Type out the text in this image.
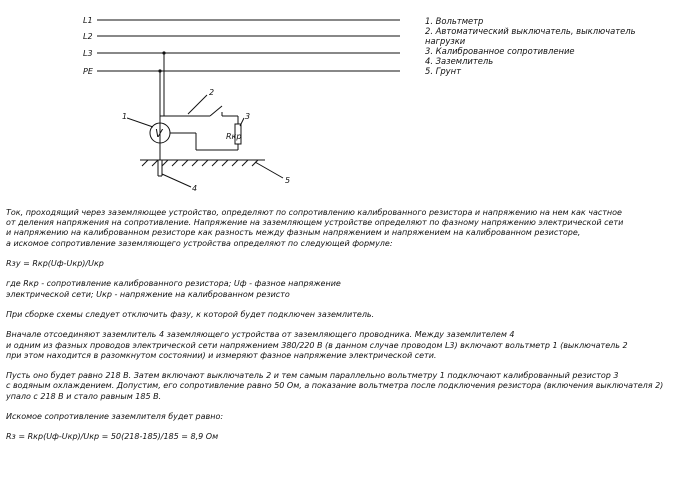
L1
L2
L3
PE
V	Rкр
1
2
3
4
5
1. Вольтметр
2. Автоматический выключатель, выключатель
нагрузки
3. Калиброванное сопротивление
4. Заземлитель
5. Грунт

Ток, проходящий через заземляющее устройство, определяют по сопротивлению калиброванного резистора и напряжению на нем как частное

от деления напряжения на сопротивление. Напряжение на заземляющем устройстве определяют по фазному напряжению электрической сети

и напряжению на калиброванном резисторе как разность между фазным напряжением и напряжением на калиброванном резисторе,

а искомое сопротивление заземляющего устройства определяют по следующей формуле:

Rзу = Rкр(Uф-Uкр)/Uкр

где Rкр - сопротивление калиброванного резистора; Uф - фазное напряжение

электрической сети; Uкр - напряжение на калиброванном резисто

При сборке схемы следует отключить фазу, к которой будет подключен заземлитель.

Вначале отсоединяют заземлитель 4 заземляющего устройства от заземляющего проводника. Между заземлителем 4

и одним из фазных проводов электрической сети напряжением 380/220 В (в данном случае проводом L3) включают вольтметр 1 (выключатель 2

при этом находится в разомкнутом состоянии) и измеряют фазное напряжение электрической сети.

Пусть оно будет равно 218 В. Затем включают выключатель 2 и тем самым параллельно вольтметру 1 подключают калиброванный резистор 3

с водяным охлаждением. Допустим, его сопротивление равно 50 Ом, а показание вольтметра после подключения резистора (включения выключателя 2)

упало с 218 В и стало равным 185 В.

Искомое сопротивление заземлителя будет равно:

Rз = Rкр(Uф-Uкр)/Uкр = 50(218-185)/185 = 8,9 Ом
